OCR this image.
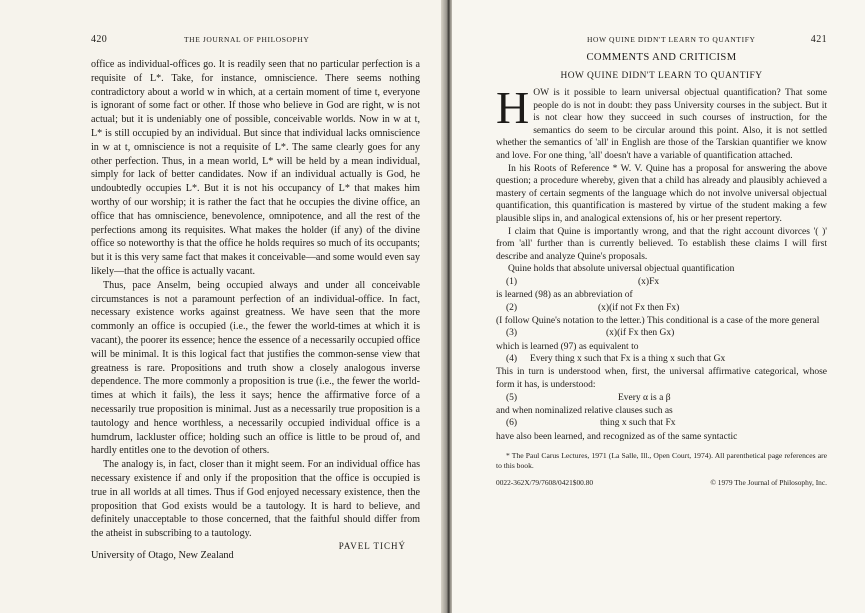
420	THE JOURNAL OF PHILOSOPHY

office as individual-offices go. It is readily seen that no particular perfection is a requisite of L*. Take, for instance, omniscience. There seems nothing contradictory about a world w in which, at a certain moment of time t, everyone is ignorant of some fact or other. If those who believe in God are right, w is not actual; but it is undeniably one of possible, conceivable worlds. Now in w at t, L* is still occupied by an individual. But since that individual lacks omniscience in w at t, omniscience is not a requisite of L*. The same clearly goes for any other perfection. Thus, in a mean world, L* will be held by a mean individual, simply for lack of better candidates. Now if an individual actually is God, he undoubtedly occupies L*. But it is not his occupancy of L* that makes him worthy of our worship; it is rather the fact that he occupies the divine office, an office that has omniscience, benevolence, omnipotence, and all the rest of the perfections among its requisites. What makes the holder (if any) of the divine office so noteworthy is that the office he holds requires so much of its occupants; but it is this very same fact that makes it conceivable—and some would even say likely—that the office is actually vacant.

Thus, pace Anselm, being occupied always and under all conceivable circumstances is not a paramount perfection of an individual-office. In fact, necessary existence works against greatness. We have seen that the more commonly an office is occupied (i.e., the fewer the world-times at which it is vacant), the poorer its essence; hence the essence of a necessarily occupied office will be minimal. It is this logical fact that justifies the common-sense view that greatness is rare. Propositions and truth show a closely analogous inverse dependence. The more commonly a proposition is true (i.e., the fewer the world-times at which it fails), the less it says; hence the affirmative force of a necessarily true proposition is minimal. Just as a necessarily true proposition is a tautology and hence worthless, a necessarily occupied individual office is a humdrum, lackluster office; holding such an office is little to be proud of, and hardly entitles one to the devotion of others.

The analogy is, in fact, closer than it might seem. For an individual office has necessary existence if and only if the proposition that the office is occupied is true in all worlds at all times. Thus if God enjoyed necessary existence, then the proposition that God exists would be a tautology. It is hard to believe, and definitely unacceptable to those concerned, that the faithful should differ from the atheist in subscribing to a tautology.

PAVEL TICHÝ
University of Otago, New Zealand
HOW QUINE DIDN'T LEARN TO QUANTIFY	421
COMMENTS AND CRITICISM
HOW QUINE DIDN'T LEARN TO QUANTIFY

HOW is it possible to learn universal objectual quantification? That some people do is not in doubt: they pass University courses in the subject. But it is not clear how they succeed in such courses of instruction, for the semantics do seem to be circular around this point. Also, it is not settled whether the semantics of 'all' in English are those of the Tarskian quantifier we know and love. For one thing, 'all' doesn't have a variable of quantification attached.

In his Roots of Reference * W. V. Quine has a proposal for answering the above question; a procedure whereby, given that a child has already and plausibly achieved a mastery of certain segments of the language which do not involve universal objectual quantification, this quantification is mastered by virtue of the student making a few plausible slips in, and analogical extensions of, his or her present repertory.

I claim that Quine is importantly wrong, and that the right account divorces '( )' from 'all' further than is currently believed. To establish these claims I will first describe and analyze Quine's proposals.

Quine holds that absolute universal objectual quantification

(1)	(x)Fx

is learned (98) as an abbreviation of

(2)	(x)(if not Fx then Fx)

(I follow Quine's notation to the letter.) This conditional is a case of the more general

(3)	(x)(if Fx then Gx)

which is learned (97) as equivalent to

(4) Every thing x such that Fx is a thing x such that Gx

This in turn is understood when, first, the universal affirmative categorical, whose form it has, is understood:

(5)	Every α is a β

and when nominalized relative clauses such as

(6)	thing x such that Fx

have also been learned, and recognized as of the same syntactic

* The Paul Carus Lectures, 1971 (La Salle, Ill., Open Court, 1974). All parenthetical page references are to this book.

0022-362X/79/7608/0421$00.80	© 1979 The Journal of Philosophy, Inc.
